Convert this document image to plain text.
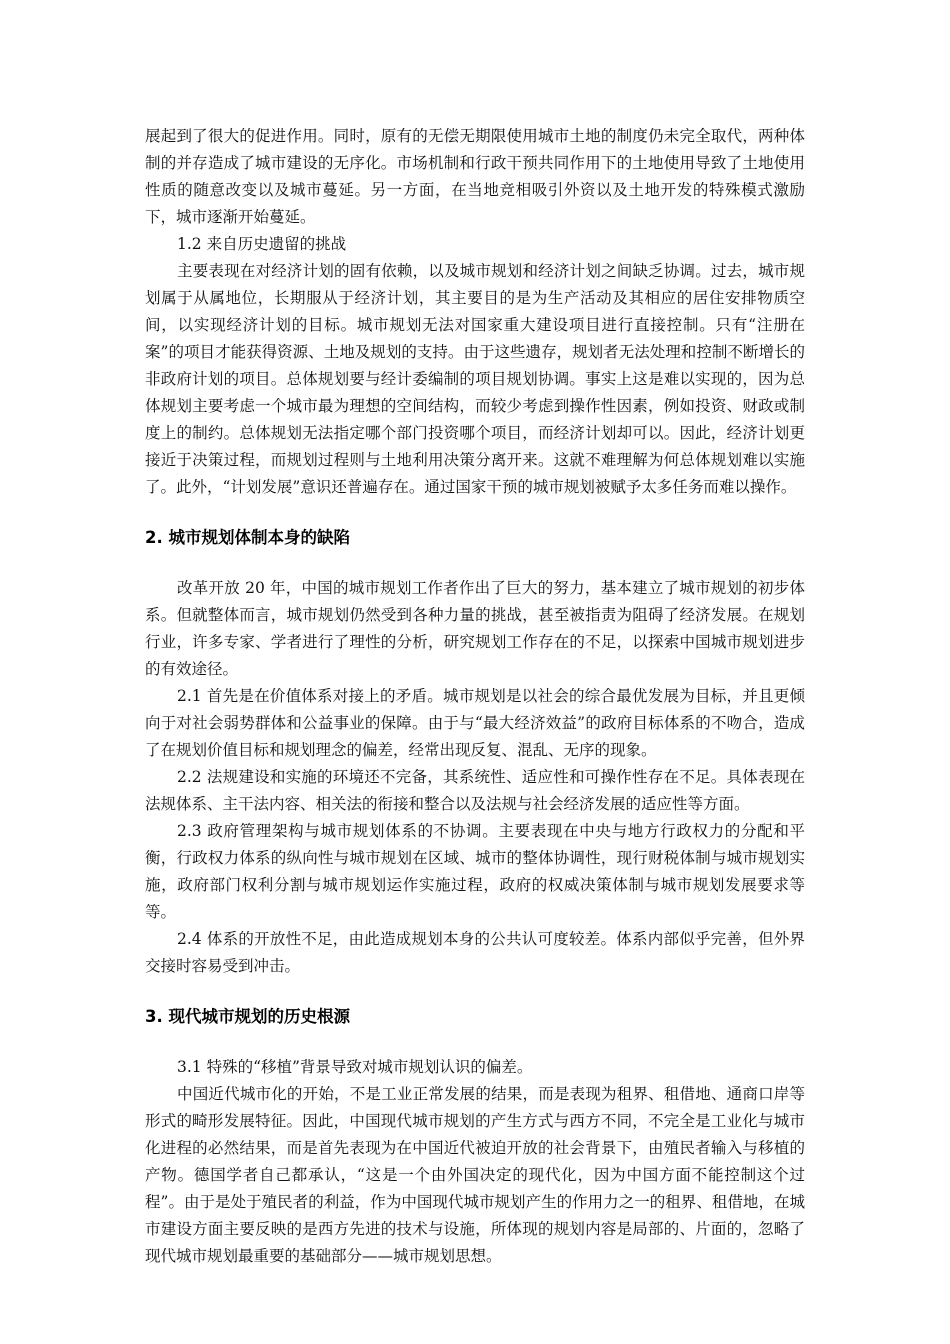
展起到了很大的促进作用。同时，原有的无偿无期限使用城市土地的制度仍未完全取代，两种体制的并存造成了城市建设的无序化。市场机制和行政干预共同作用下的土地使用导致了土地使用性质的随意改变以及城市蔓延。另一方面，在当地竞相吸引外资以及土地开发的特殊模式激励下，城市逐渐开始蔓延。

1.2 来自历史遗留的挑战

主要表现在对经济计划的固有依赖，以及城市规划和经济计划之间缺乏协调。过去，城市规划属于从属地位，长期服从于经济计划，其主要目的是为生产活动及其相应的居住安排物质空间，以实现经济计划的目标。城市规划无法对国家重大建设项目进行直接控制。只有“注册在案”的项目才能获得资源、土地及规划的支持。由于这些遗存，规划者无法处理和控制不断增长的非政府计划的项目。总体规划要与经计委编制的项目规划协调。事实上这是难以实现的，因为总体规划主要考虑一个城市最为理想的空间结构，而较少考虑到操作性因素，例如投资、财政或制度上的制约。总体规划无法指定哪个部门投资哪个项目，而经济计划却可以。因此，经济计划更接近于决策过程，而规划过程则与土地利用决策分离开来。这就不难理解为何总体规划难以实施了。此外，“计划发展”意识还普遍存在。通过国家干预的城市规划被赋予太多任务而难以操作。

2. 城市规划体制本身的缺陷

改革开放 20 年，中国的城市规划工作者作出了巨大的努力，基本建立了城市规划的初步体系。但就整体而言，城市规划仍然受到各种力量的挑战，甚至被指责为阻碍了经济发展。在规划行业，许多专家、学者进行了理性的分析，研究规划工作存在的不足，以探索中国城市规划进步的有效途径。

2.1 首先是在价值体系对接上的矛盾。城市规划是以社会的综合最优发展为目标，并且更倾向于对社会弱势群体和公益事业的保障。由于与“最大经济效益”的政府目标体系的不吻合，造成了在规划价值目标和规划理念的偏差，经常出现反复、混乱、无序的现象。

2.2 法规建设和实施的环境还不完备，其系统性、适应性和可操作性存在不足。具体表现在法规体系、主干法内容、相关法的衔接和整合以及法规与社会经济发展的适应性等方面。

2.3 政府管理架构与城市规划体系的不协调。主要表现在中央与地方行政权力的分配和平衡，行政权力体系的纵向性与城市规划在区域、城市的整体协调性，现行财税体制与城市规划实施，政府部门权利分割与城市规划运作实施过程，政府的权威决策体制与城市规划发展要求等等。

2.4 体系的开放性不足，由此造成规划本身的公共认可度较差。体系内部似乎完善，但外界交接时容易受到冲击。

3. 现代城市规划的历史根源

3.1 特殊的“移植”背景导致对城市规划认识的偏差。

中国近代城市化的开始，不是工业正常发展的结果，而是表现为租界、租借地、通商口岸等形式的畸形发展特征。因此，中国现代城市规划的产生方式与西方不同，不完全是工业化与城市化进程的必然结果，而是首先表现为在中国近代被迫开放的社会背景下，由殖民者输入与移植的产物。德国学者自己都承认，“这是一个由外国决定的现代化，因为中国方面不能控制这个过程”。由于是处于殖民者的利益，作为中国现代城市规划产生的作用力之一的租界、租借地，在城市建设方面主要反映的是西方先进的技术与设施，所体现的规划内容是局部的、片面的，忽略了现代城市规划最重要的基础部分——城市规划思想。
